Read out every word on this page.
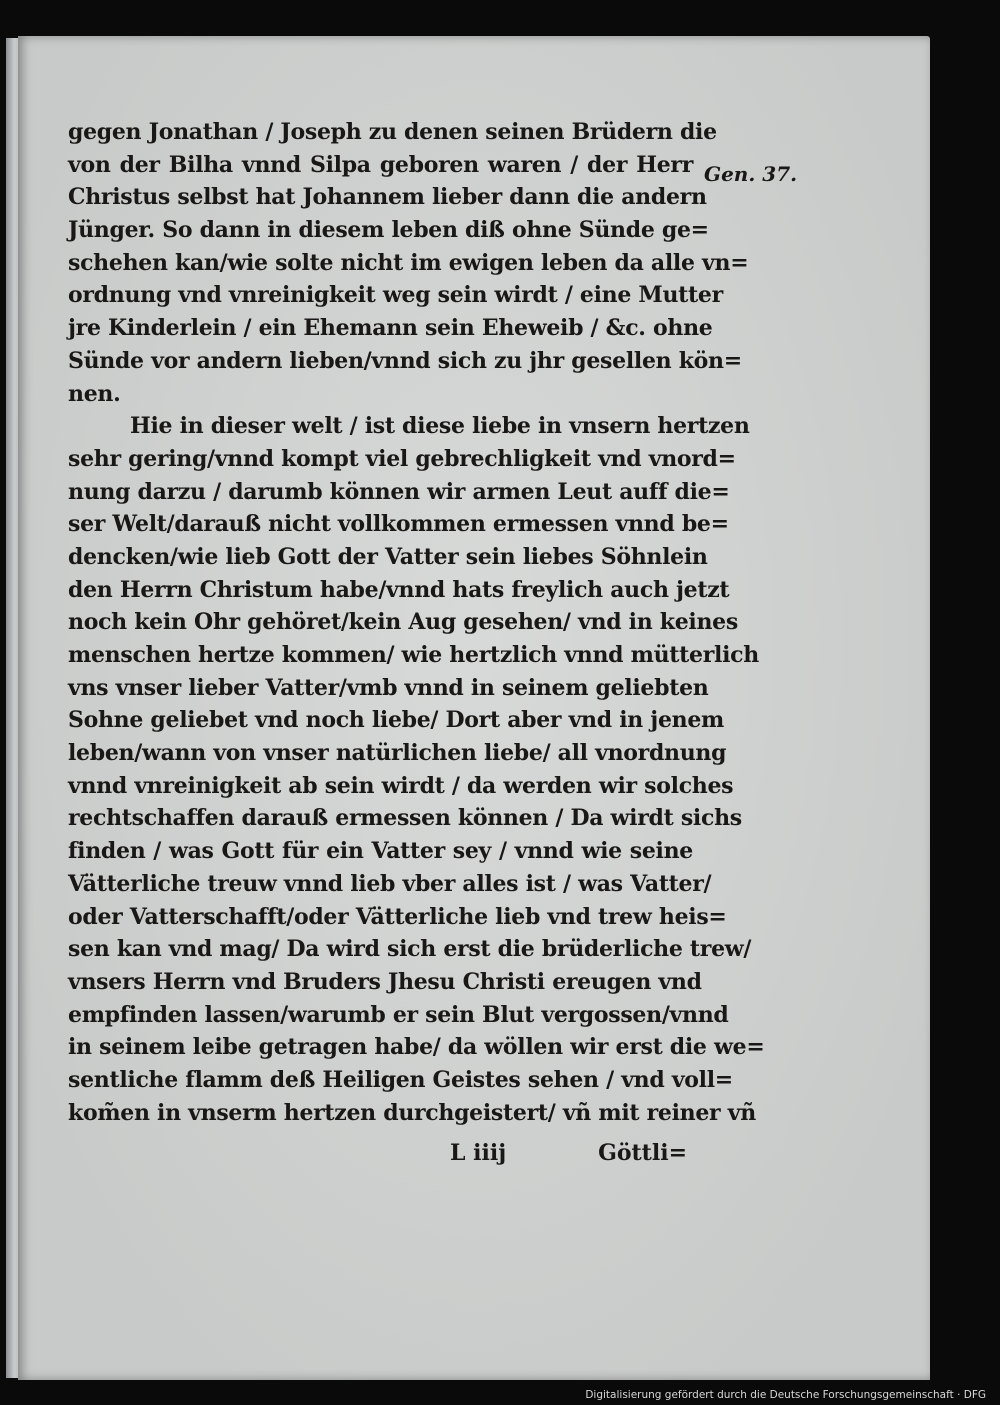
gegen Jonathan / Joseph zu denen seinen Brüdern die
von der Bilha vnnd Silpa geboren waren / der Herr
Christus selbst hat Johannem lieber dann die andern
Jünger. So dann in diesem leben diß ohne Sünde ge=
schehen kan/wie solte nicht im ewigen leben da alle vn=
ordnung vnd vnreinigkeit weg sein wirdt / eine Mutter
jre Kinderlein / ein Ehemann sein Eheweib / &c. ohne
Sünde vor andern lieben/vnnd sich zu jhr gesellen kön=
nen.
Hie in dieser welt / ist diese liebe in vnsern hertzen
sehr gering/vnnd kompt viel gebrechligkeit vnd vnord=
nung darzu / darumb können wir armen Leut auff die=
ser Welt/darauß nicht vollkommen ermessen vnnd be=
dencken/wie lieb Gott der Vatter sein liebes Söhnlein
den Herrn Christum habe/vnnd hats freylich auch jetzt
noch kein Ohr gehöret/kein Aug gesehen/ vnd in keines
menschen hertze kommen/ wie hertzlich vnnd mütterlich
vns vnser lieber Vatter/vmb vnnd in seinem geliebten
Sohne geliebet vnd noch liebe/ Dort aber vnd in jenem
leben/wann von vnser natürlichen liebe/ all vnordnung
vnnd vnreinigkeit ab sein wirdt / da werden wir solches
rechtschaffen darauß ermessen können / Da wirdt sichs
finden / was Gott für ein Vatter sey / vnnd wie seine
Vätterliche treuw vnnd lieb vber alles ist / was Vatter/
oder Vatterschafft/oder Vätterliche lieb vnd trew heis=
sen kan vnd mag/ Da wird sich erst die brüderliche trew/
vnsers Herrn vnd Bruders Jhesu Christi ereugen vnd
empfinden lassen/warumb er sein Blut vergossen/vnnd
in seinem leibe getragen habe/ da wöllen wir erst die we=
sentliche flamm deß Heiligen Geistes sehen / vnd voll=
kom̃en in vnserm hertzen durchgeistert/ vñ mit reiner vñ
Gen. 37.
L iiij	Göttli=
Digitalisierung gefördert durch die Deutsche Forschungsgemeinschaft · DFG
